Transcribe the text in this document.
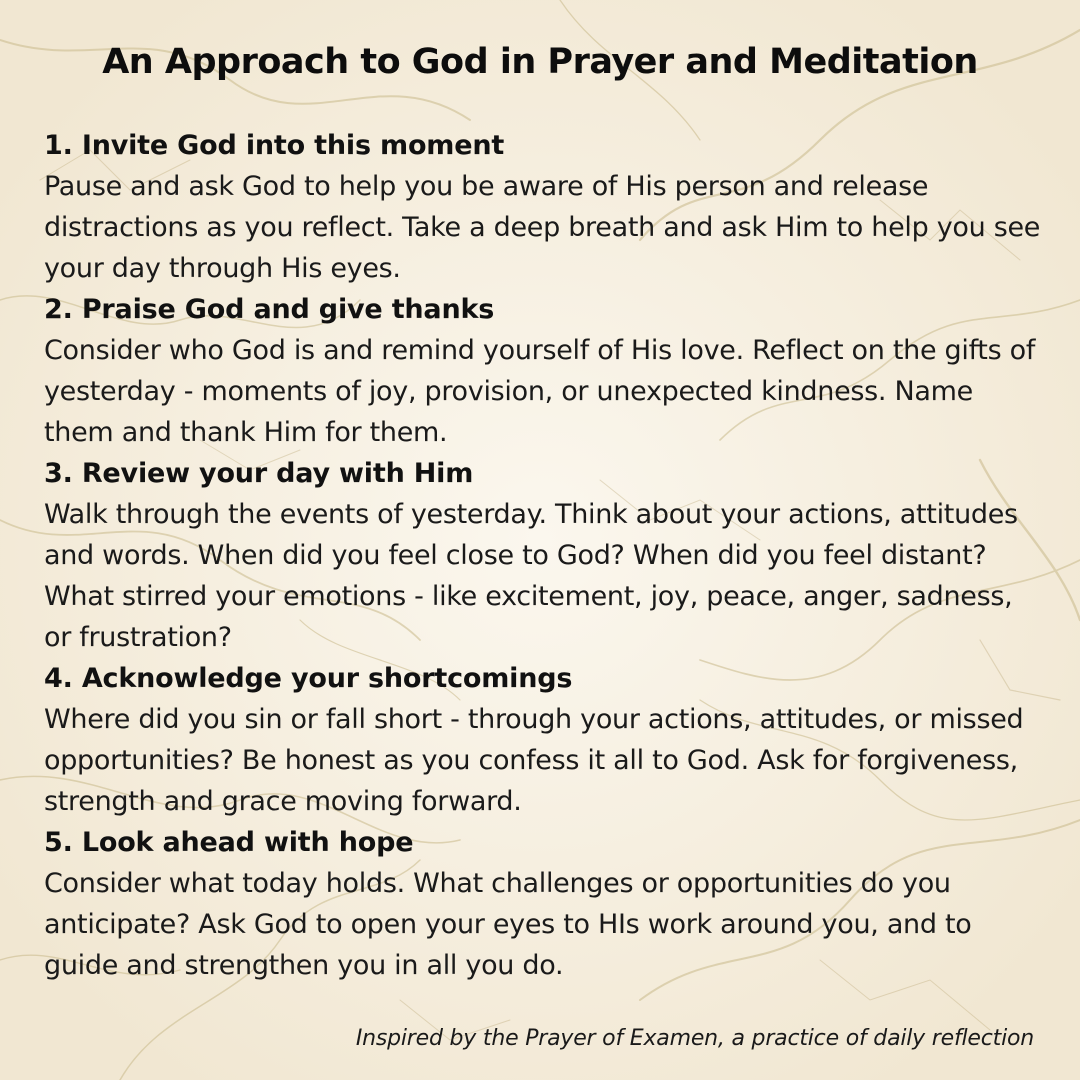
An Approach to God in Prayer and Meditation

1. Invite God into this moment

Pause and ask God to help you be aware of His person and release distractions as you reflect. Take a deep breath and ask Him to help you see your day through His eyes.

2. Praise God and give thanks

Consider who God is and remind yourself of His love. Reflect on the gifts of yesterday - moments of joy, provision, or unexpected kindness. Name them and thank Him for them.

3. Review your day with Him

Walk through the events of yesterday. Think about your actions, attitudes and words. When did you feel close to God? When did you feel distant? What stirred your emotions - like excitement, joy, peace, anger, sadness, or frustration?

4. Acknowledge your shortcomings

Where did you sin or fall short - through your actions, attitudes, or missed opportunities? Be honest as you confess it all to God. Ask for forgiveness, strength and grace moving forward.

5. Look ahead with hope

Consider what today holds. What challenges or opportunities do you anticipate? Ask God to open your eyes to HIs work around you, and to guide and strengthen you in all you do.

Inspired by the Prayer of Examen, a practice of daily reflection
